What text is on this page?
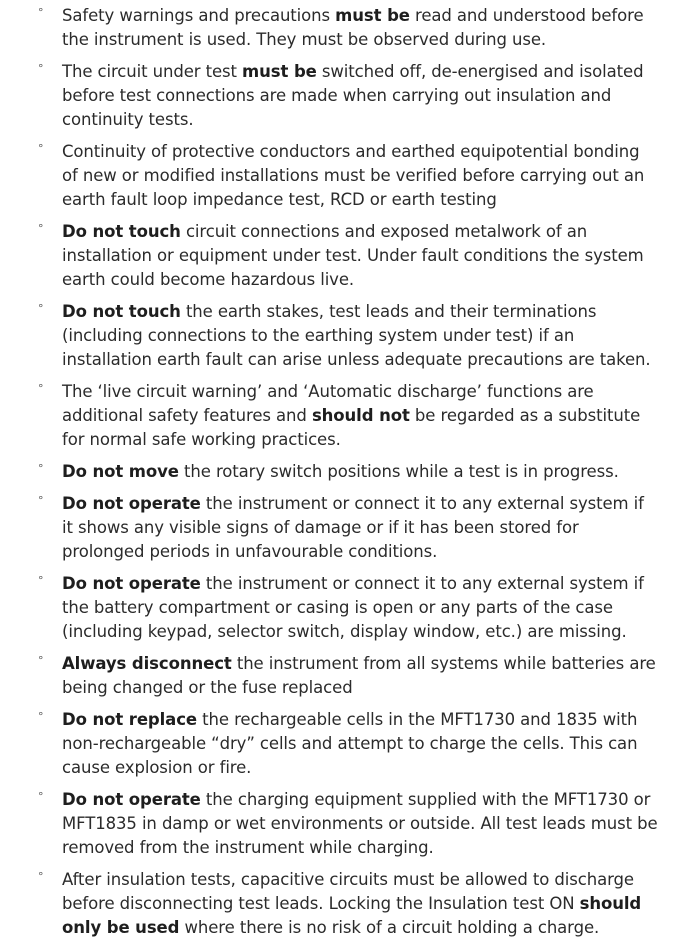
° Safety warnings and precautions must be read and understood before the instrument is used. They must be observed during use.
° The circuit under test must be switched off, de-energised and isolated before test connections are made when carrying out insulation and continuity tests.
° Continuity of protective conductors and earthed equipotential bonding of new or modified installations must be verified before carrying out an earth fault loop impedance test, RCD or earth testing
° Do not touch circuit connections and exposed metalwork of an installation or equipment under test. Under fault conditions the system earth could become hazardous live.
° Do not touch the earth stakes, test leads and their terminations (including connections to the earthing system under test) if an installation earth fault can arise unless adequate precautions are taken.
° The ‘live circuit warning’ and ‘Automatic discharge’ functions are additional safety features and should not be regarded as a substitute for normal safe working practices.
° Do not move the rotary switch positions while a test is in progress.
° Do not operate the instrument or connect it to any external system if it shows any visible signs of damage or if it has been stored for prolonged periods in unfavourable conditions.
° Do not operate the instrument or connect it to any external system if the battery compartment or casing is open or any parts of the case (including keypad, selector switch, display window, etc.) are missing.
° Always disconnect the instrument from all systems while batteries are being changed or the fuse replaced
° Do not replace the rechargeable cells in the MFT1730 and 1835 with non-rechargeable “dry” cells and attempt to charge the cells. This can cause explosion or fire.
° Do not operate the charging equipment supplied with the MFT1730 or MFT1835 in damp or wet environments or outside. All test leads must be removed from the instrument while charging.
° After insulation tests, capacitive circuits must be allowed to discharge before disconnecting test leads. Locking the Insulation test ON should only be used where there is no risk of a circuit holding a charge.
